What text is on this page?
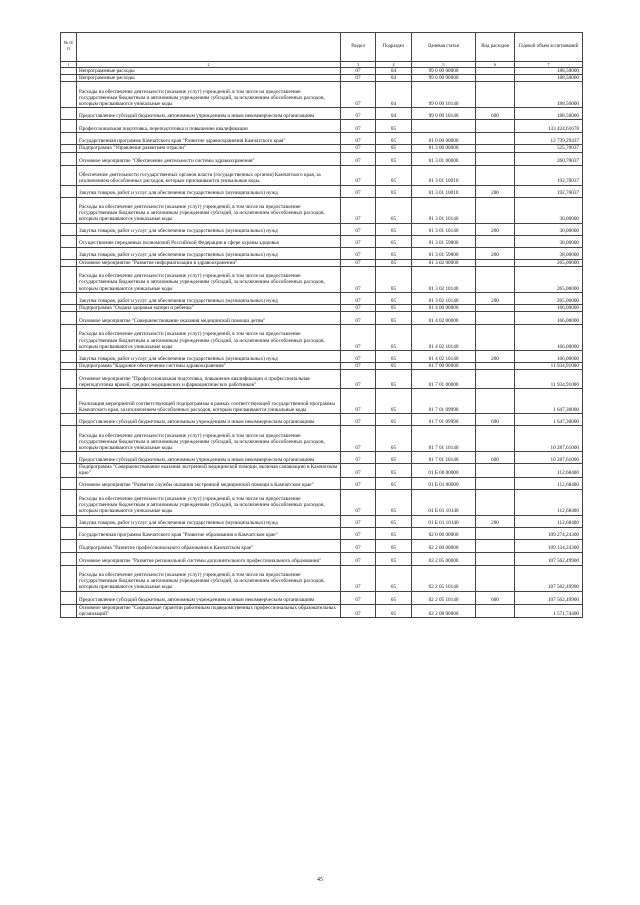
№ п/п		Раздел	Подраздел	Целевая статья	Вид расходов	Годовой объем ассигнований
1	2	3	4	5	6	7
	Непрограммные расходы	07	04	99 0 00 00000		188,50000
	Непрограммные расходы	07	04	99 0 00 00000		188,50000
	Расходы на обеспечение деятельности (оказание услуг) учреждений, в том числе на предоставление государственным бюджетным и автономным учреждениям субсидий, за исключением обособленных расходов, которым присваиваются уникальные коды	07	04	99 0 00 10140		188,50000
	Предоставление субсидий бюджетным, автономным учреждениям и иным некоммерческим организациям	07	04	99 0 00 10140	600	188,50000
	Профессиональная подготовка, переподготовка и повышение квалификации	07	05			133 424,61678
	Государственная программа Камчатского края "Развитие здравоохранения Камчатского края"	07	05	01 0 00 00000		12 739,29437
	Подпрограмма "Управление развитием отрасли"	07	05	01 3 00 00000		525,70037
	Основное мероприятие "Обеспечение деятельности системы здравоохранения"	07	05	01 3 01 00000		260,70037
	Обеспечение деятельности государственных органов власти (государственных органов) Камчатского края, за исключением обособленных расходов, которым присваиваются уникальные коды.	07	05	01 3 01 10010		192,70037
	Закупка товаров, работ и услуг для обеспечения государственных (муниципальных) нужд	07	05	01 3 01 10010	200	192,70037
	Расходы на обеспечение деятельности (оказание услуг) учреждений, в том числе на предоставление государственным бюджетным и автономным учреждениям субсидий, за исключением обособленных расходов, которым присваиваются уникальные коды	07	05	01 3 01 10140		30,00000
	Закупка товаров, работ и услуг для обеспечения государственных (муниципальных) нужд	07	05	01 3 01 10140	200	30,00000
	Осуществление переданных полномочий Российской Федерации в сфере охраны здоровья	07	05	01 3 01 59800		38,00000
	Закупка товаров, работ и услуг для обеспечения государственных (муниципальных) нужд	07	05	01 3 01 59800	200	38,00000
	Основное мероприятие "Развитие информатизации в здравоохранении"	07	05	01 3 02 00000		265,00000
	Расходы на обеспечение деятельности (оказание услуг) учреждений, в том числе на предоставление государственным бюджетным и автономным учреждениям субсидий, за исключением обособленных расходов, которым присваиваются уникальные коды	07	05	01 3 02 10140		265,00000
	Закупка товаров, работ и услуг для обеспечения государственных (муниципальных) нужд	07	05	01 3 02 10140	200	265,00000
	Подпрограмма "Охрана здоровья матери и ребенка"	07	05	01 4 00 00000		166,00000
	Основное мероприятие "Совершенствование оказания медицинской помощи детям"	07	05	01 4 02 00000		166,00000
	Расходы на обеспечение деятельности (оказание услуг) учреждений, в том числе на предоставление государственным бюджетным и автономным учреждениям субсидий, за исключением обособленных расходов, которым присваиваются уникальные коды	07	05	01 4 02 10140		166,00000
	Закупка товаров, работ и услуг для обеспечения государственных (муниципальных) нужд	07	05	01 4 02 10140	200	166,00000
	Подпрограмма "Кадровое обеспечение системы здравоохранения"	07	05	01 7 00 00000		11 934,91000
	Основное мероприятие "Профессиональная подготовка, повышение квалификации и профессиональная переподготовка врачей, средних медицинских и фармацевтических работников"	07	05	01 7 01 00000		11 934,91000
	Реализация мероприятий соответствующей подпрограммы в рамках соответствующей государственной программы Камчатского края, за исключением обособленных расходов, которым присваиваются уникальные коды	07	05	01 7 01 09990		1 647,30000
	Предоставление субсидий бюджетным, автономным учреждениям и иным некоммерческим организациям	07	05	01 7 01 09990	600	1 647,30000
	Расходы на обеспечение деятельности (оказание услуг) учреждений, в том числе на предоставление государственным бюджетным и автономным учреждениям субсидий, за исключением обособленных расходов, которым присваиваются уникальные коды	07	05	01 7 01 10140		10 287,61000
	Предоставление субсидий бюджетным, автономным учреждениям и иным некоммерческим организациям	07	05	01 7 01 10140	600	10 287,61000
	Подпрограмма "Совершенствование оказания экстренной медицинской помощи, включая санавиацию в Камчатском крае"	07	05	01 Б 00 00000		112,68400
	Основное мероприятие "Развитие службы оказания экстренной медицинской помощи в Камчатском крае"	07	05	01 Б 01 00000		112,68400
	Расходы на обеспечение деятельности (оказание услуг) учреждений, в том числе на предоставление государственным бюджетным и автономным учреждениям субсидий, за исключением обособленных расходов, которым присваиваются уникальные коды	07	05	01 Б 01 10140		112,68400
	Закупка товаров, работ и услуг для обеспечения государственных (муниципальных) нужд	07	05	01 Б 01 10140	200	112,68400
	Государственная программа Камчатского края "Развитие образования в Камчатском крае"	07	05	02 0 00 00000		109 274,24300
	Подпрограмма "Развитие профессионального образования в Камчатском крае"	07	05	02 2 00 00000		109 134,24300
	Основное мероприятие "Развитие региональной системы дополнительного профессионального образования"	07	05	02 2 05 00000		107 562,49900
	Расходы на обеспечение деятельности (оказание услуг) учреждений, в том числе на предоставление государственным бюджетным и автономным учреждениям субсидий, за исключением обособленных расходов, которым присваиваются уникальные коды	07	05	02 2 05 10140		107 562,49900
	Предоставление субсидий бюджетным, автономным учреждениям и иным некоммерческим организациям	07	05	02 2 05 10140	600	107 562,49900
	Основное мероприятие "Социальные гарантии работникам подведомственных профессиональных образовательных организаций"	07	05	02 2 08 00000		1 571,74400
45
